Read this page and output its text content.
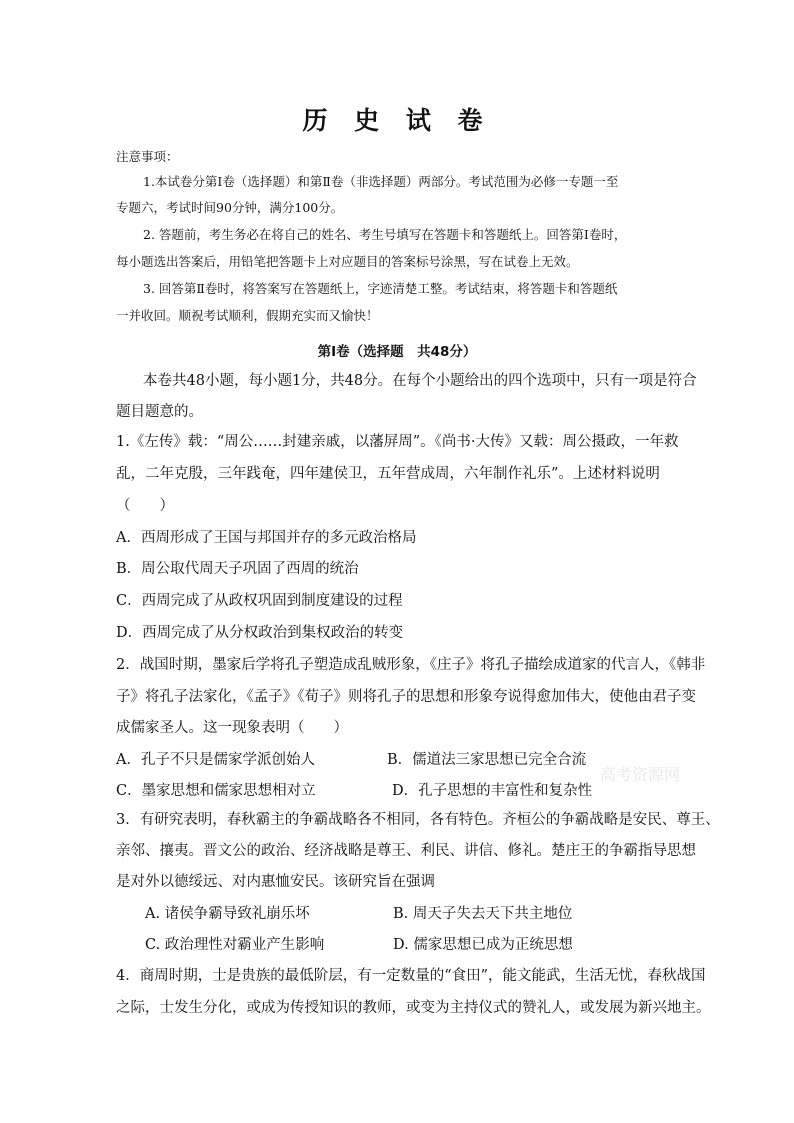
历 史 试 卷
注意事项：
1.本试卷分第Ⅰ卷（选择题）和第Ⅱ卷（非选择题）两部分。考试范围为必修一专题一至
专题六，考试时间90分钟，满分100分。
2. 答题前，考生务必在将自己的姓名、考生号填写在答题卡和答题纸上。回答第Ⅰ卷时，
每小题选出答案后，用铅笔把答题卡上对应题目的答案标号涂黑，写在试卷上无效。
3. 回答第Ⅱ卷时，将答案写在答题纸上，字迹清楚工整。考试结束，将答题卡和答题纸
一并收回。顺祝考试顺利，假期充实而又愉快！
第Ⅰ卷（选择题　共48分）
本卷共48小题，每小题1分，共48分。在每个小题给出的四个选项中，只有一项是符合
题目题意的。
1.《左传》载：“周公……封建亲戚，以藩屏周”。《尚书·大传》又载：周公摄政，一年救
乱，二年克殷，三年践奄，四年建侯卫，五年营成周，六年制作礼乐”。上述材料说明
（　　）
A．西周形成了王国与邦国并存的多元政治格局
B．周公取代周天子巩固了西周的统治
C．西周完成了从政权巩固到制度建设的过程
D．西周完成了从分权政治到集权政治的转变
2．战国时期，墨家后学将孔子塑造成乱贼形象，《庄子》将孔子描绘成道家的代言人，《韩非
子》将孔子法家化，《孟子》《荀子》则将孔子的思想和形象夸说得愈加伟大，使他由君子变
成儒家圣人。这一现象表明（　　）
A．孔子不只是儒家学派创始人	B．儒道法三家思想已完全合流
C．墨家思想和儒家思想相对立	D．孔子思想的丰富性和复杂性
高考资源网
3．有研究表明，春秋霸主的争霸战略各不相同，各有特色。齐桓公的争霸战略是安民、尊王、
亲邻、攘夷。晋文公的政治、经济战略是尊王、利民、讲信、修礼。楚庄王的争霸指导思想
是对外以德绥远、对内惠恤安民。该研究旨在强调
A. 诸侯争霸导致礼崩乐坏	B. 周天子失去天下共主地位
C. 政治理性对霸业产生影响	D. 儒家思想已成为正统思想
4．商周时期，士是贵族的最低阶层，有一定数量的“食田”，能文能武，生活无忧，春秋战国
之际，士发生分化，或成为传授知识的教师，或变为主持仪式的赞礼人，或发展为新兴地主。
